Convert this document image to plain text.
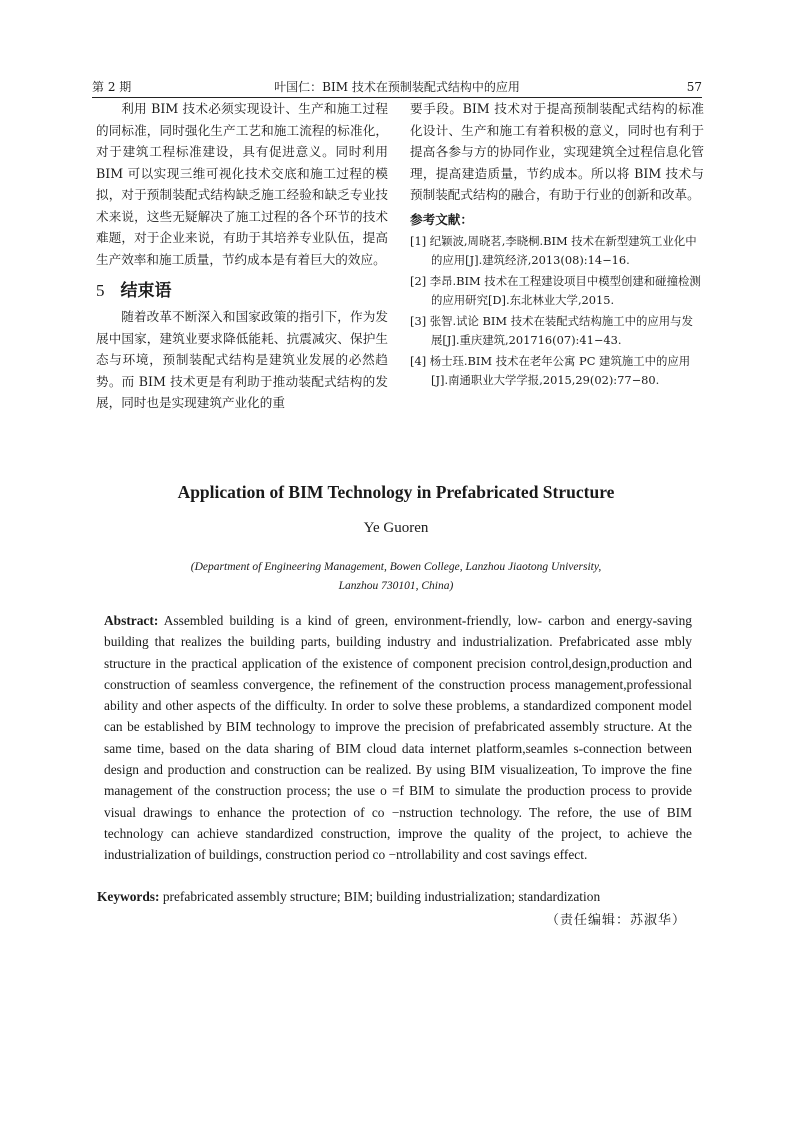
第 2 期	叶国仁：BIM 技术在预制装配式结构中的应用	57

利用 BIM 技术必须实现设计、生产和施工过程的同标准，同时强化生产工艺和施工流程的标准化，对于建筑工程标准建设，具有促进意义。同时利用 BIM 可以实现三维可视化技术交底和施工过程的模拟，对于预制装配式结构缺乏施工经验和缺乏专业技术来说，这些无疑解决了施工过程的各个环节的技术难题，对于企业来说，有助于其培养专业队伍，提高生产效率和施工质量，节约成本是有着巨大的效应。

5 结束语

随着改革不断深入和国家政策的指引下，作为发展中国家，建筑业要求降低能耗、抗震减灾、保护生态与环境，预制装配式结构是建筑业发展的必然趋势。而 BIM 技术更是有利助于推动装配式结构的发展，同时也是实现建筑产业化的重

要手段。BIM 技术对于提高预制装配式结构的标准化设计、生产和施工有着积极的意义，同时也有利于提高各参与方的协同作业，实现建筑全过程信息化管理，提高建造质量，节约成本。所以将 BIM 技术与预制装配式结构的融合，有助于行业的创新和改革。

参考文献：

[1] 纪颖波,周晓茗,李晓桐.BIM 技术在新型建筑工业化中的应用[J].建筑经济,2013(08):14−16.

[2] 李昂.BIM 技术在工程建设项目中模型创建和碰撞检测的应用研究[D].东北林业大学,2015.

[3] 张智.试论 BIM 技术在装配式结构施工中的应用与发展[J].重庆建筑,201716(07):41−43.

[4] 杨士珏.BIM 技术在老年公寓 PC 建筑施工中的应用[J].南通职业大学学报,2015,29(02):77−80.

Application of BIM Technology in Prefabricated Structure
Ye Guoren
(Department of Engineering Management, Bowen College, Lanzhou Jiaotong University,
Lanzhou 730101, China)
Abstract: Assembled building is a kind of green, environment-friendly, low- carbon and energy-saving building that realizes the building parts, building industry and industrialization. Prefabricated asse mbly structure in the practical application of the existence of component precision control,design,production and construction of seamless convergence, the refinement of the construction process management,professional ability and other aspects of the difficulty. In order to solve these problems, a standardized component model can be established by BIM technology to improve the precision of prefabricated assembly structure. At the same time, based on the data sharing of BIM cloud data internet platform,seamles s-connection between design and production and construction can be realized. By using BIM visualizeation, To improve the fine management of the construction process; the use o =f BIM to simulate the production process to provide visual drawings to enhance the protection of co −nstruction technology. The refore, the use of BIM technology can achieve standardized construction, improve the quality of the project, to achieve the industrialization of buildings, construction period co −ntrollability and cost savings effect.
Keywords: prefabricated assembly structure; BIM; building industrialization; standardization
（责任编辑：苏淑华）
